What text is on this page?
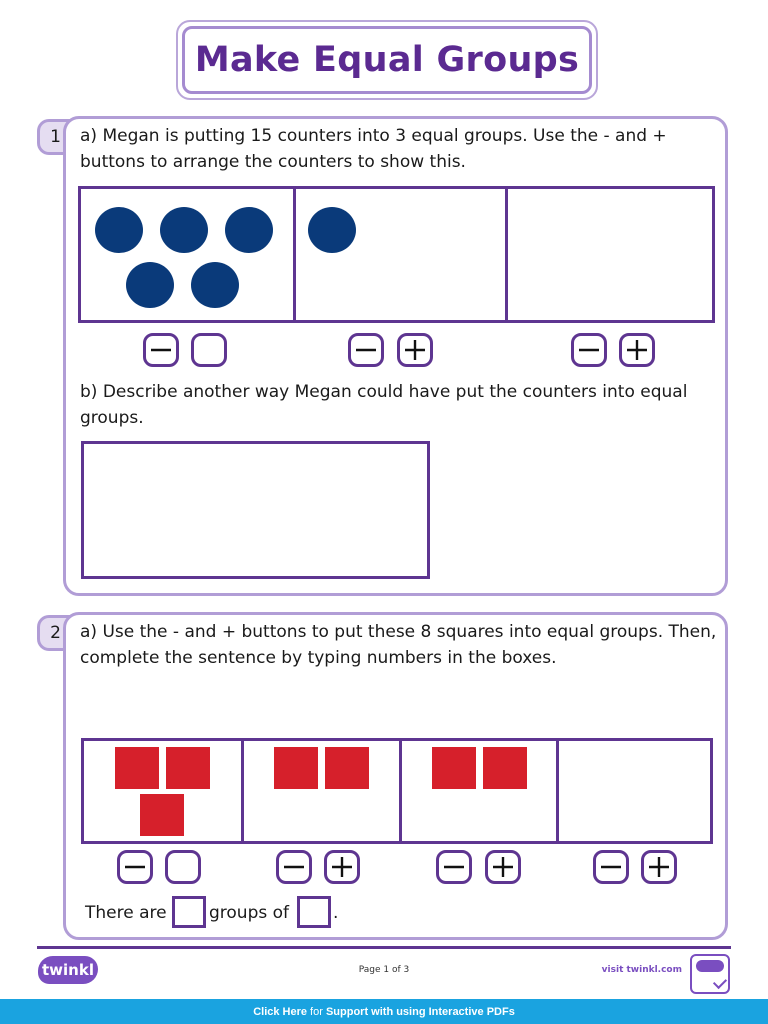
Make Equal Groups
1	a) Megan is putting 15 counters into 3 equal groups. Use the - and + buttons to arrange the counters to show this.
b) Describe another way Megan could have put the counters into equal groups.
2	a) Use the - and + buttons to put these 8 squares into equal groups. Then, complete the sentence by typing numbers in the boxes.
There are groups of	.
twinkl	Page 1 of 3	visit twinkl.com
Click Here for Support with using Interactive PDFs
